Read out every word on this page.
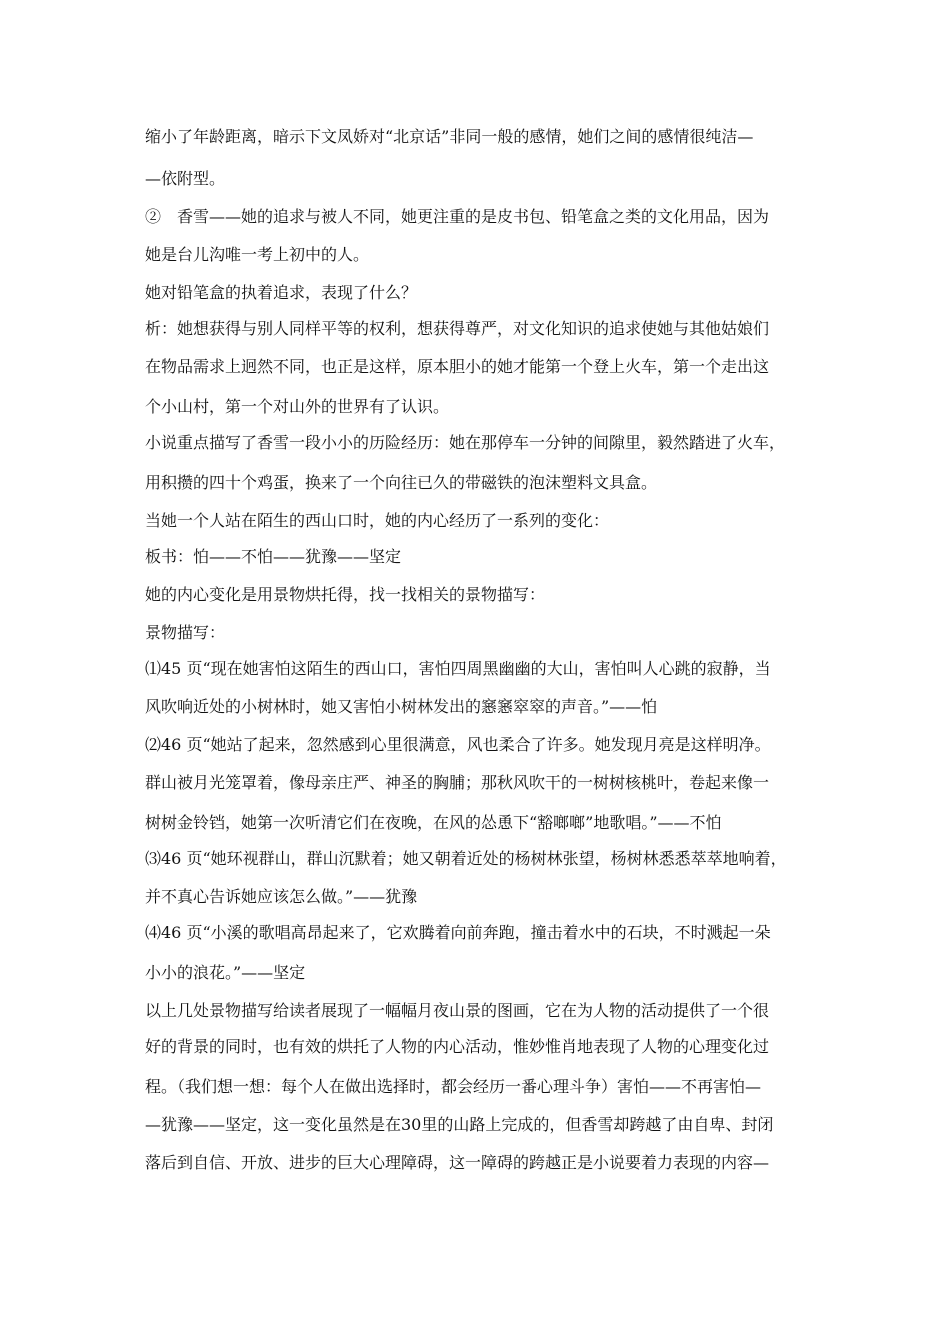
缩小了年龄距离，暗示下文凤娇对“北京话”非同一般的感情，她们之间的感情很纯洁—
—依附型。
②　香雪——她的追求与被人不同，她更注重的是皮书包、铅笔盒之类的文化用品，因为
她是台儿沟唯一考上初中的人。
她对铅笔盒的执着追求，表现了什么？
析：她想获得与别人同样平等的权利，想获得尊严，对文化知识的追求使她与其他姑娘们
在物品需求上迥然不同，也正是这样，原本胆小的她才能第一个登上火车，第一个走出这
个小山村，第一个对山外的世界有了认识。
小说重点描写了香雪一段小小的历险经历：她在那停车一分钟的间隙里，毅然踏进了火车，
用积攒的四十个鸡蛋，换来了一个向往已久的带磁铁的泡沫塑料文具盒。
当她一个人站在陌生的西山口时，她的内心经历了一系列的变化：
板书：怕——不怕——犹豫——坚定
她的内心变化是用景物烘托得，找一找相关的景物描写：
景物描写：
⑴45 页“现在她害怕这陌生的西山口，害怕四周黑幽幽的大山，害怕叫人心跳的寂静，当
风吹响近处的小树林时，她又害怕小树林发出的窸窸窣窣的声音。”——怕
⑵46 页“她站了起来，忽然感到心里很满意，风也柔合了许多。她发现月亮是这样明净。
群山被月光笼罩着，像母亲庄严、神圣的胸脯；那秋风吹干的一树树核桃叶，卷起来像一
树树金铃铛，她第一次听清它们在夜晚，在风的怂恿下“豁啷啷”地歌唱。”——不怕
⑶46 页“她环视群山，群山沉默着；她又朝着近处的杨树林张望，杨树林悉悉萃萃地响着，
并不真心告诉她应该怎么做。”——犹豫
⑷46 页“小溪的歌唱高昂起来了，它欢腾着向前奔跑，撞击着水中的石块，不时溅起一朵
小小的浪花。”——坚定
以上几处景物描写给读者展现了一幅幅月夜山景的图画，它在为人物的活动提供了一个很
好的背景的同时，也有效的烘托了人物的内心活动，惟妙惟肖地表现了人物的心理变化过
程。（我们想一想：每个人在做出选择时，都会经历一番心理斗争）害怕——不再害怕—
—犹豫——坚定，这一变化虽然是在30里的山路上完成的，但香雪却跨越了由自卑、封闭
落后到自信、开放、进步的巨大心理障碍，这一障碍的跨越正是小说要着力表现的内容—
